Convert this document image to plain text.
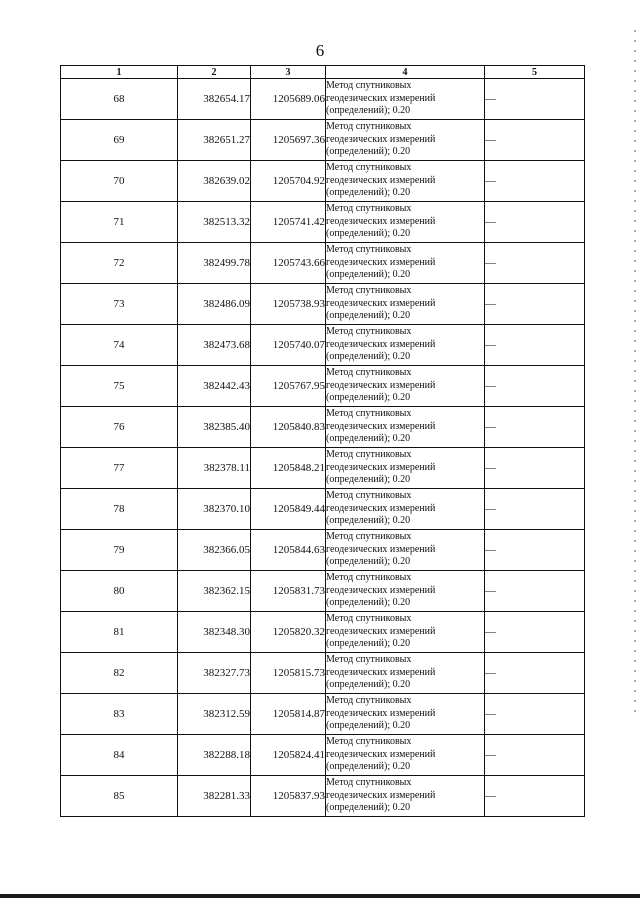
6
1	2	3	4	5
68	382654.17	1205689.06	Метод спутниковых
геодезических измерений
(определений); 0.20	—
69	382651.27	1205697.36	Метод спутниковых
геодезических измерений
(определений); 0.20	—
70	382639.02	1205704.92	Метод спутниковых
геодезических измерений
(определений); 0.20	—
71	382513.32	1205741.42	Метод спутниковых
геодезических измерений
(определений); 0.20	—
72	382499.78	1205743.66	Метод спутниковых
геодезических измерений
(определений); 0.20	—
73	382486.09	1205738.93	Метод спутниковых
геодезических измерений
(определений); 0.20	—
74	382473.68	1205740.07	Метод спутниковых
геодезических измерений
(определений); 0.20	—
75	382442.43	1205767.95	Метод спутниковых
геодезических измерений
(определений); 0.20	—
76	382385.40	1205840.83	Метод спутниковых
геодезических измерений
(определений); 0.20	—
77	382378.11	1205848.21	Метод спутниковых
геодезических измерений
(определений); 0.20	—
78	382370.10	1205849.44	Метод спутниковых
геодезических измерений
(определений); 0.20	—
79	382366.05	1205844.63	Метод спутниковых
геодезических измерений
(определений); 0.20	—
80	382362.15	1205831.73	Метод спутниковых
геодезических измерений
(определений); 0.20	—
81	382348.30	1205820.32	Метод спутниковых
геодезических измерений
(определений); 0.20	—
82	382327.73	1205815.73	Метод спутниковых
геодезических измерений
(определений); 0.20	—
83	382312.59	1205814.87	Метод спутниковых
геодезических измерений
(определений); 0.20	—
84	382288.18	1205824.41	Метод спутниковых
геодезических измерений
(определений); 0.20	—
85	382281.33	1205837.93	Метод спутниковых
геодезических измерений
(определений); 0.20	—
